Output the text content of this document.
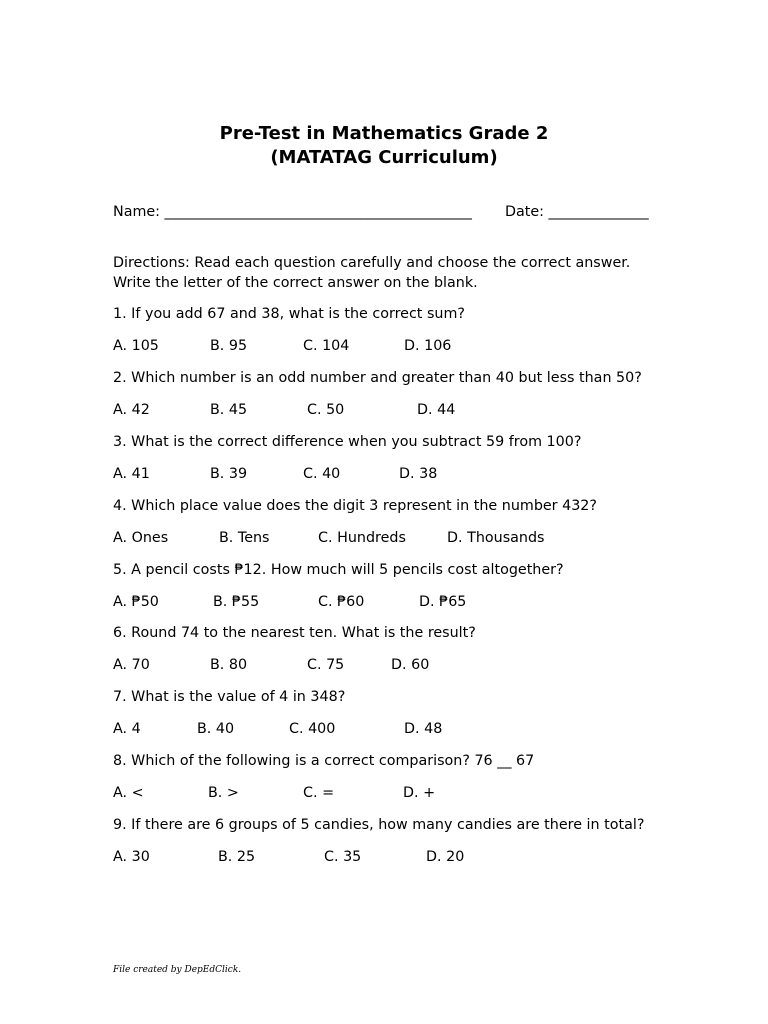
Pre-Test in Mathematics Grade 2
(MATATAG Curriculum)
Name: ___________________________________________ Date: ______________
Directions: Read each question carefully and choose the correct answer.
Write the letter of the correct answer on the blank.
1. If you add 67 and 38, what is the correct sum?
A. 105	B. 95	C. 104	D. 106
2. Which number is an odd number and greater than 40 but less than 50?
A. 42	B. 45	C. 50	D. 44
3. What is the correct difference when you subtract 59 from 100?
A. 41	B. 39	C. 40	D. 38
4. Which place value does the digit 3 represent in the number 432?
A. Ones	B. Tens	C. Hundreds	D. Thousands
5. A pencil costs ₱12. How much will 5 pencils cost altogether?
A. ₱50	B. ₱55	C. ₱60	D. ₱65
6. Round 74 to the nearest ten. What is the result?
A. 70	B. 80	C. 75	D. 60
7. What is the value of 4 in 348?
A. 4	B. 40	C. 400	D. 48
8. Which of the following is a correct comparison? 76 __ 67
A. <	B. >	C. =	D. +
9. If there are 6 groups of 5 candies, how many candies are there in total?
A. 30	B. 25	C. 35	D. 20
File created by DepEdClick.
